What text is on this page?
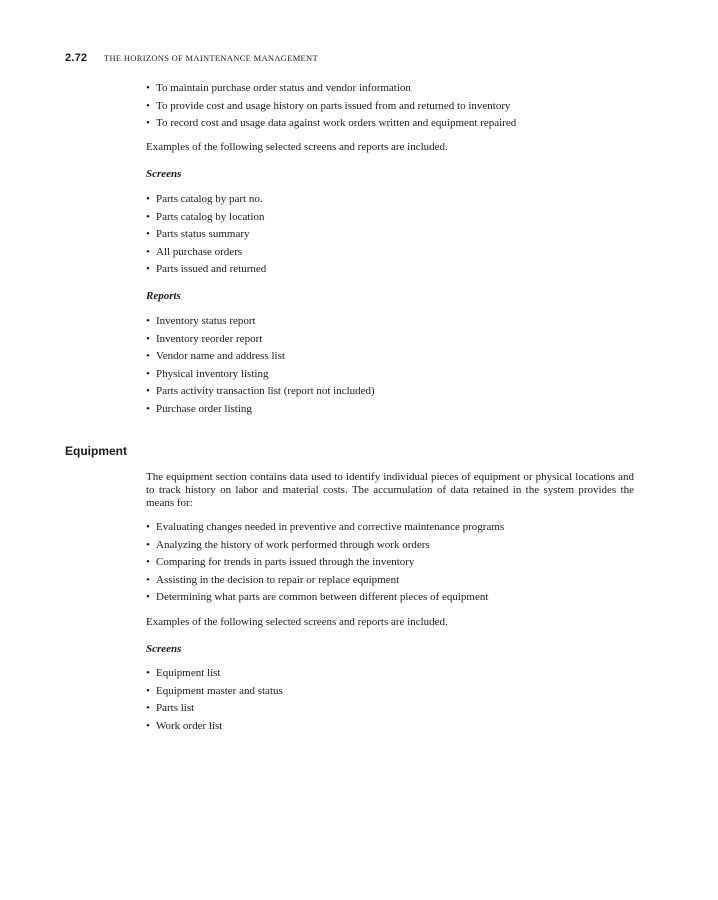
2.72	THE HORIZONS OF MAINTENANCE MANAGEMENT
• To maintain purchase order status and vendor information
• To provide cost and usage history on parts issued from and returned to inventory
• To record cost and usage data against work orders written and equipment repaired

Examples of the following selected screens and reports are included.

Screens

• Parts catalog by part no.
• Parts catalog by location
• Parts status summary
• All purchase orders
• Parts issued and returned

Reports

• Inventory status report
• Inventory reorder report
• Vendor name and address list
• Physical inventory listing
• Parts activity transaction list (report not included)
• Purchase order listing
Equipment

The equipment section contains data used to identify individual pieces of equipment or physical locations and to track history on labor and material costs. The accumulation of data retained in the system provides the means for:

• Evaluating changes needed in preventive and corrective maintenance programs
• Analyzing the history of work performed through work orders
• Comparing for trends in parts issued through the inventory
• Assisting in the decision to repair or replace equipment
• Determining what parts are common between different pieces of equipment

Examples of the following selected screens and reports are included.

Screens

• Equipment list
• Equipment master and status
• Parts list
• Work order list
